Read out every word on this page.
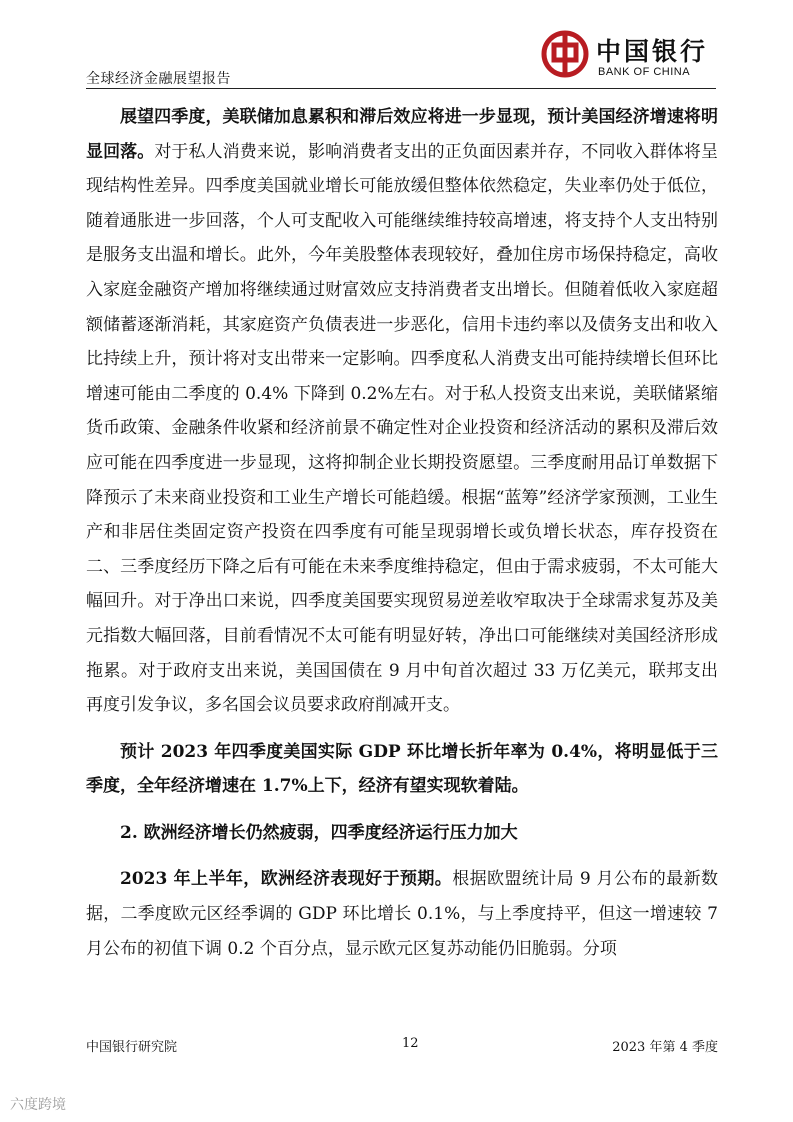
全球经济金融展望报告
中国银行
BANK OF CHINA

展望四季度，美联储加息累积和滞后效应将进一步显现，预计美国经济增速将明显回落。对于私人消费来说，影响消费者支出的正负面因素并存，不同收入群体将呈现结构性差异。四季度美国就业增长可能放缓但整体依然稳定，失业率仍处于低位，随着通胀进一步回落，个人可支配收入可能继续维持较高增速，将支持个人支出特别是服务支出温和增长。此外，今年美股整体表现较好，叠加住房市场保持稳定，高收入家庭金融资产增加将继续通过财富效应支持消费者支出增长。但随着低收入家庭超额储蓄逐渐消耗，其家庭资产负债表进一步恶化，信用卡违约率以及债务支出和收入比持续上升，预计将对支出带来一定影响。四季度私人消费支出可能持续增长但环比增速可能由二季度的 0.4% 下降到 0.2%左右。对于私人投资支出来说，美联储紧缩货币政策、金融条件收紧和经济前景不确定性对企业投资和经济活动的累积及滞后效应可能在四季度进一步显现，这将抑制企业长期投资愿望。三季度耐用品订单数据下降预示了未来商业投资和工业生产增长可能趋缓。根据“蓝筹”经济学家预测，工业生产和非居住类固定资产投资在四季度有可能呈现弱增长或负增长状态，库存投资在二、三季度经历下降之后有可能在未来季度维持稳定，但由于需求疲弱，不太可能大幅回升。对于净出口来说，四季度美国要实现贸易逆差收窄取决于全球需求复苏及美元指数大幅回落，目前看情况不太可能有明显好转，净出口可能继续对美国经济形成拖累。对于政府支出来说，美国国债在 9 月中旬首次超过 33 万亿美元，联邦支出再度引发争议，多名国会议员要求政府削减开支。

预计 2023 年四季度美国实际 GDP 环比增长折年率为 0.4%，将明显低于三季度，全年经济增速在 1.7%上下，经济有望实现软着陆。

2. 欧洲经济增长仍然疲弱，四季度经济运行压力加大

2023 年上半年，欧洲经济表现好于预期。根据欧盟统计局 9 月公布的最新数据，二季度欧元区经季调的 GDP 环比增长 0.1%，与上季度持平，但这一增速较 7 月公布的初值下调 0.2 个百分点，显示欧元区复苏动能仍旧脆弱。分项

中国银行研究院	12	2023 年第 4 季度
六度跨境
